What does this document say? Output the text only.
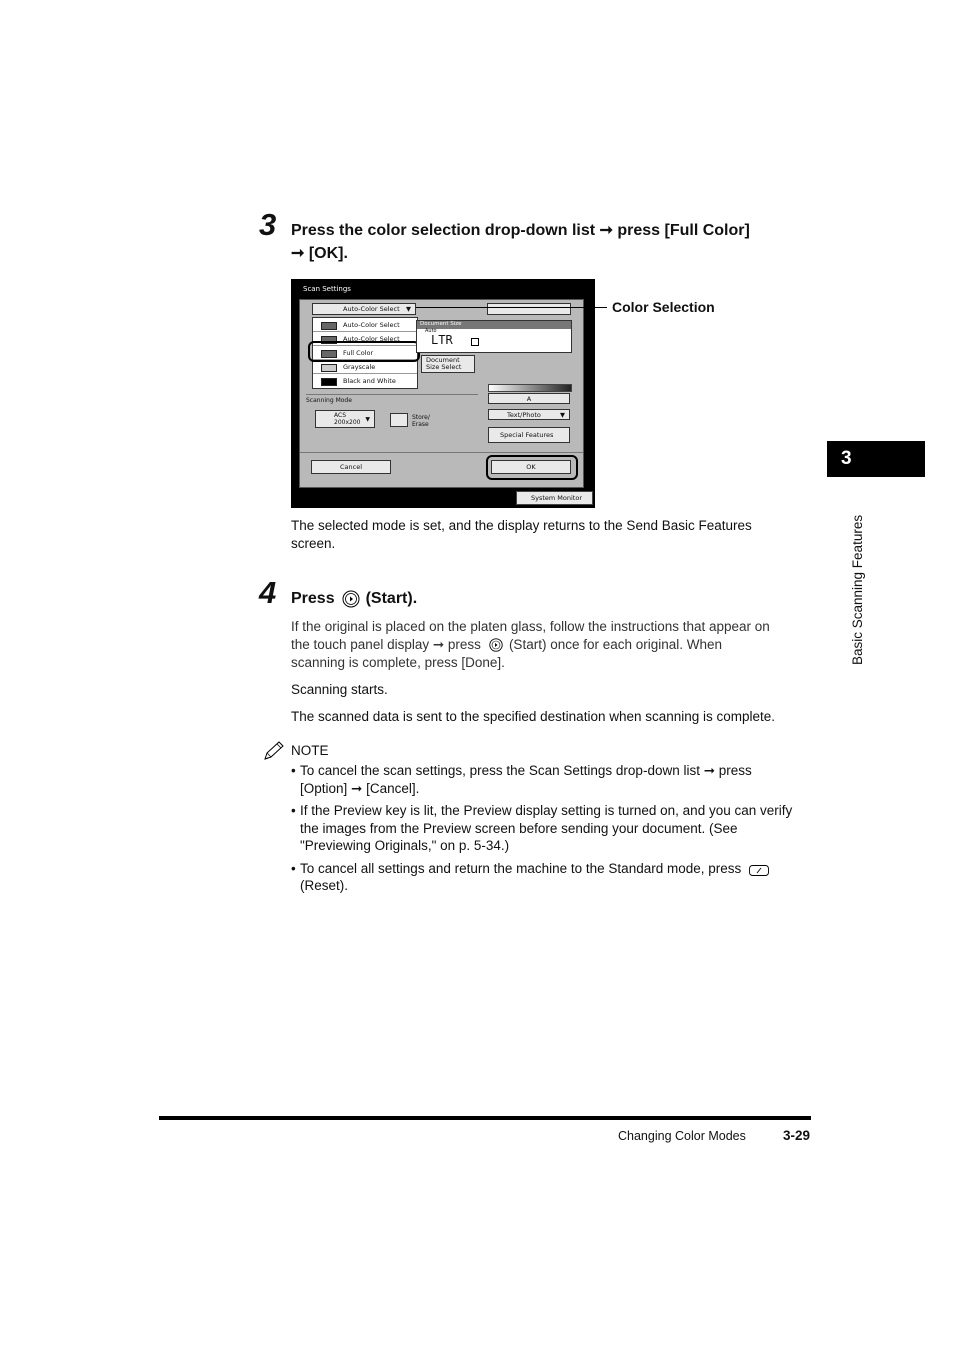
3 Press the color selection drop-down list ➞ press [Full Color]
➞ [OK].
Scan Settings
Auto-Color Select ▼
Auto-Color Select
Auto-Color Select
Full Color
Grayscale
Black and White
Document Size
Auto
LTR
Document Size Select
A
Scanning Mode
ACS 200x200 ▼	Store/ Erase
Text/Photo	▼
Special Features
Cancel	OK
System Monitor
Color Selection
The selected mode is set, and the display returns to the Send Basic Features
screen.
4 Press (Start).
If the original is placed on the platen glass, follow the instructions that appear on
the touch panel display ➞ press (Start) once for each original. When
scanning is complete, press [Done].
Scanning starts.
The scanned data is sent to the specified destination when scanning is complete.
NOTE
• To cancel the scan settings, press the Scan Settings drop-down list ➞ press
[Option] ➞ [Cancel].
• If the Preview key is lit, the Preview display setting is turned on, and you can verify
the images from the Preview screen before sending your document. (See
"Previewing Originals," on p. 5-34.)
• To cancel all settings and return the machine to the Standard mode, press
(Reset).
3
Basic Scanning Features
Changing Color Modes	3-29
